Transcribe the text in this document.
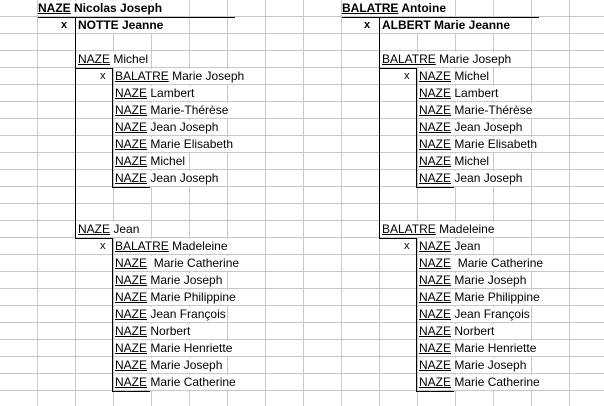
NAZE Nicolas Joseph
x NOTTE Jeanne
NAZE Michel
x BALATRE Marie Joseph
NAZE Lambert
NAZE Marie-Thérèse
NAZE Jean Joseph
NAZE Marie Elisabeth
NAZE Michel
NAZE Jean Joseph
NAZE Jean
x BALATRE Madeleine
NAZE  Marie Catherine
NAZE Marie Joseph
NAZE Marie Philippine
NAZE Jean François
NAZE Norbert
NAZE Marie Henriette
NAZE Marie Joseph
NAZE Marie Catherine
BALATRE Antoine
x ALBERT Marie Jeanne
BALATRE Marie Joseph
x NAZE Michel
NAZE Lambert
NAZE Marie-Thérèse
NAZE Jean Joseph
NAZE Marie Elisabeth
NAZE Michel
NAZE Jean Joseph
BALATRE Madeleine
x NAZE Jean
NAZE  Marie Catherine
NAZE Marie Joseph
NAZE Marie Philippine
NAZE Jean François
NAZE Norbert
NAZE Marie Henriette
NAZE Marie Joseph
NAZE Marie Catherine
